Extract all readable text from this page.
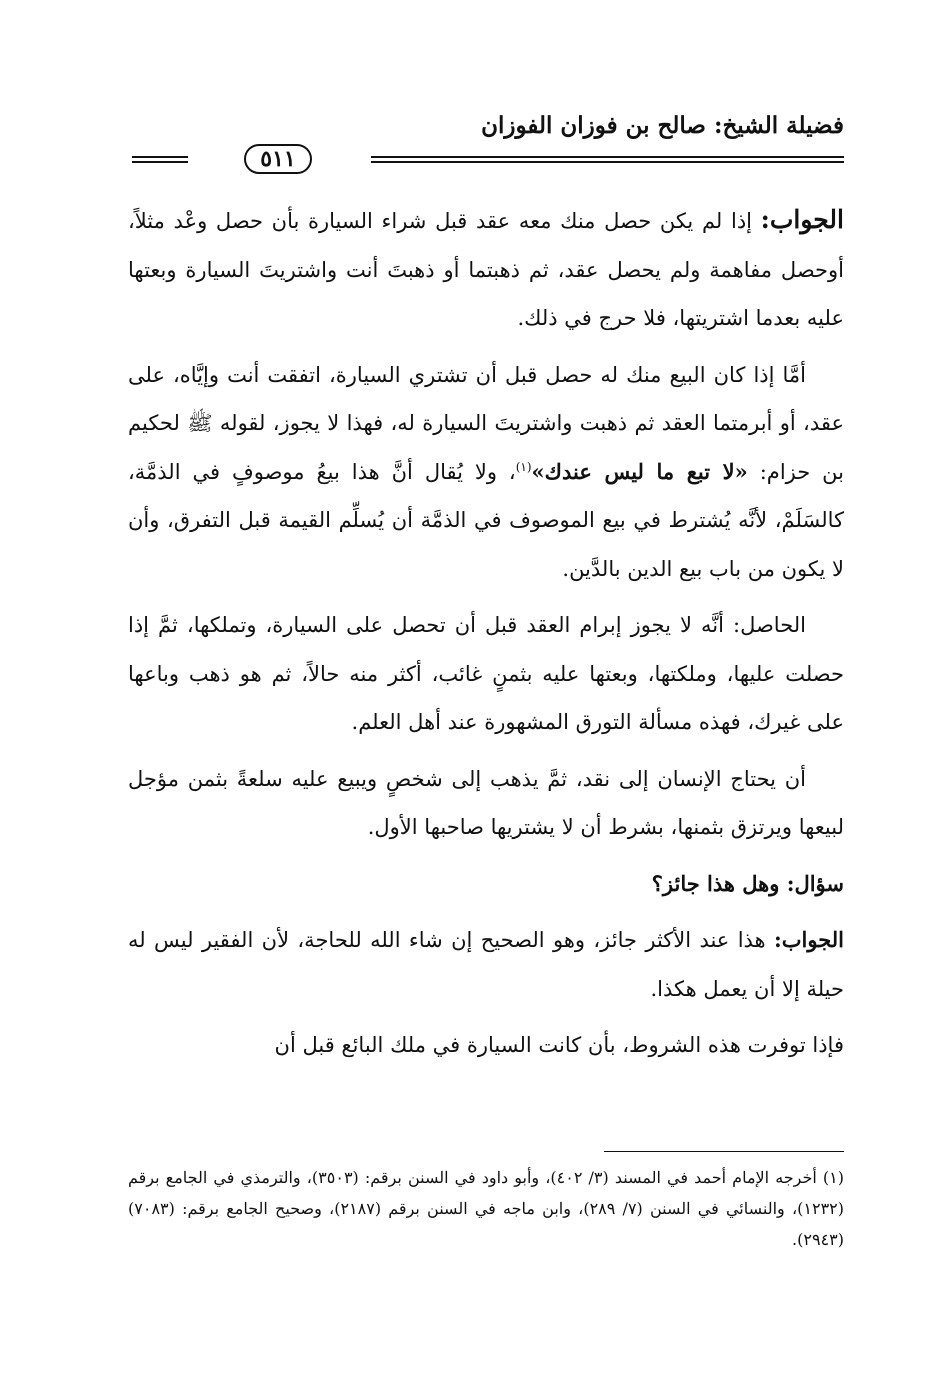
فضيلة الشيخ: صالح بن فوزان الفوزان
٥١١

الجواب: إذا لم يكن حصل منك معه عقد قبل شراء السيارة بأن حصل وعْد مثلاً، أوحصل مفاهمة ولم يحصل عقد، ثم ذهبتما أو ذهبتَ أنت واشتريتَ السيارة وبعتها عليه بعدما اشتريتها، فلا حرج في ذلك.

أمَّا إذا كان البيع منك له حصل قبل أن تشتري السيارة، اتفقت أنت وإيَّاه، على عقد، أو أبرمتما العقد ثم ذهبت واشتريتَ السيارة له، فهذا لا يجوز، لقوله ﷺ لحكيم بن حزام: «لا تبع ما ليس عندك»$^{(١)}$، ولا يُقال أنَّ هذا بيعُ موصوفٍ في الذمَّة، كالسَلَمْ، لأنَّه يُشترط في بيع الموصوف في الذمَّة أن يُسلِّم القيمة قبل التفرق، وأن لا يكون من باب بيع الدين بالدَّين.

الحاصل: أنَّه لا يجوز إبرام العقد قبل أن تحصل على السيارة، وتملكها، ثمَّ إذا حصلت عليها، وملكتها، وبعتها عليه بثمنٍ غائب، أكثر منه حالاً، ثم هو ذهب وباعها على غيرك، فهذه مسألة التورق المشهورة عند أهل العلم.

أن يحتاج الإنسان إلى نقد، ثمَّ يذهب إلى شخصٍ ويبيع عليه سلعةً بثمن مؤجل لبيعها ويرتزق بثمنها، بشرط أن لا يشتريها صاحبها الأول.

سؤال: وهل هذا جائز؟

الجواب: هذا عند الأكثر جائز، وهو الصحيح إن شاء الله للحاجة، لأن الفقير ليس له حيلة إلا أن يعمل هكذا.

فإذا توفرت هذه الشروط، بأن كانت السيارة في ملك البائع قبل أن

(١) أخرجه الإمام أحمد في المسند (٣/ ٤٠٢)، وأبو داود في السنن برقم: (٣٥٠٣)، والترمذي في الجامع برقم (١٢٣٢)، والنسائي في السنن (٧/ ٢٨٩)، وابن ماجه في السنن برقم (٢١٨٧)، وصحيح الجامع برقم: (٧٠٨٣) (٢٩٤٣).
